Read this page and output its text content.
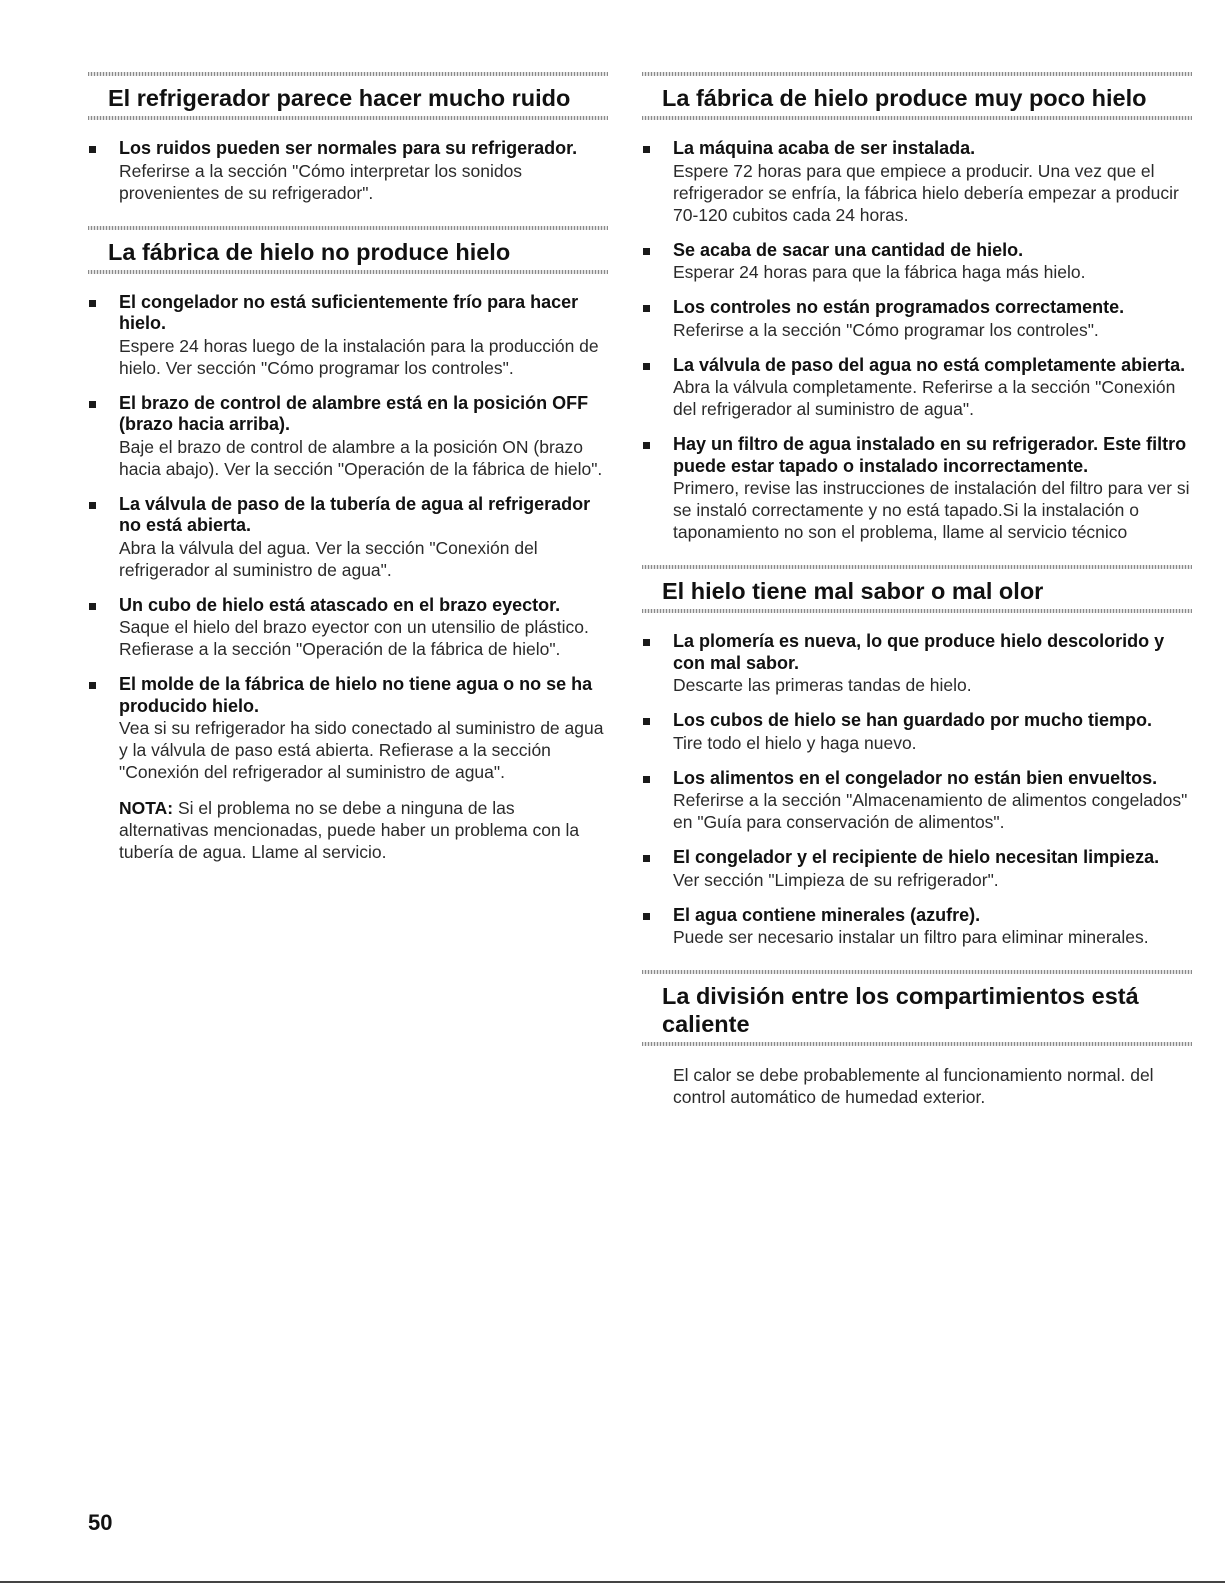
El refrigerador parece hacer mucho ruido
Los ruidos pueden ser normales para su refrigerador.
Referirse a la sección "Cómo interpretar los sonidos provenientes de su refrigerador".
La fábrica de hielo no produce hielo
El congelador no está suficientemente frío para hacer hielo.
Espere 24 horas luego de la instalación para la producción de hielo. Ver sección "Cómo programar los controles".
El brazo de control de alambre está en la posición OFF (brazo hacia arriba).
Baje el brazo de control de alambre a la posición ON (brazo hacia abajo). Ver la sección "Operación de la fábrica de hielo".
La válvula de paso de la tubería de agua al refrigerador no está abierta.
Abra la válvula del agua. Ver la sección "Conexión del refrigerador al suministro de agua".
Un cubo de hielo está atascado en el brazo eyector.
Saque el hielo del brazo eyector con un utensilio de plástico. Refierase a la sección "Operación de la fábrica de hielo".
El molde de la fábrica de hielo no tiene agua o no se ha producido hielo.
Vea si su refrigerador ha sido conectado al suministro de agua y la válvula de paso está abierta. Refierase a la sección "Conexión del refrigerador al suministro de agua".
NOTA: Si el problema no se debe a ninguna de las alternativas mencionadas, puede haber un problema con la tubería de agua. Llame al servicio.
La fábrica de hielo produce muy poco hielo
La máquina acaba de ser instalada.
Espere 72 horas para que empiece a producir. Una vez que el refrigerador se enfría, la fábrica hielo debería empezar a producir 70-120 cubitos cada 24 horas.
Se acaba de sacar una cantidad de hielo.
Esperar 24 horas para que la fábrica haga más hielo.
Los controles no están programados correctamente.
Referirse a la sección "Cómo programar los controles".
La válvula de paso del agua no está completamente abierta.
Abra la válvula completamente. Referirse a la sección "Conexión del refrigerador al suministro de agua".
Hay un filtro de agua instalado en su refrigerador. Este filtro puede estar tapado o instalado incorrectamente.
Primero, revise las instrucciones de instalación del filtro para ver si se instaló correctamente y no está tapado.Si la instalación o taponamiento no son el problema, llame al servicio técnico
El hielo tiene mal sabor o mal olor
La plomería es nueva, lo que produce hielo descolorido y con mal sabor.
Descarte las primeras tandas de hielo.
Los cubos de hielo se han guardado por mucho tiempo.
Tire todo el hielo y haga nuevo.
Los alimentos en el congelador no están bien envueltos.
Referirse a la sección "Almacenamiento de alimentos congelados" en "Guía para conservación de alimentos".
El congelador y el recipiente de hielo necesitan limpieza.
Ver sección "Limpieza de su refrigerador".
El agua contiene minerales (azufre).
Puede ser necesario instalar un filtro para eliminar minerales.
La división entre los compartimientos está caliente
El calor se debe probablemente al funcionamiento normal. del control automático de humedad exterior.
50
